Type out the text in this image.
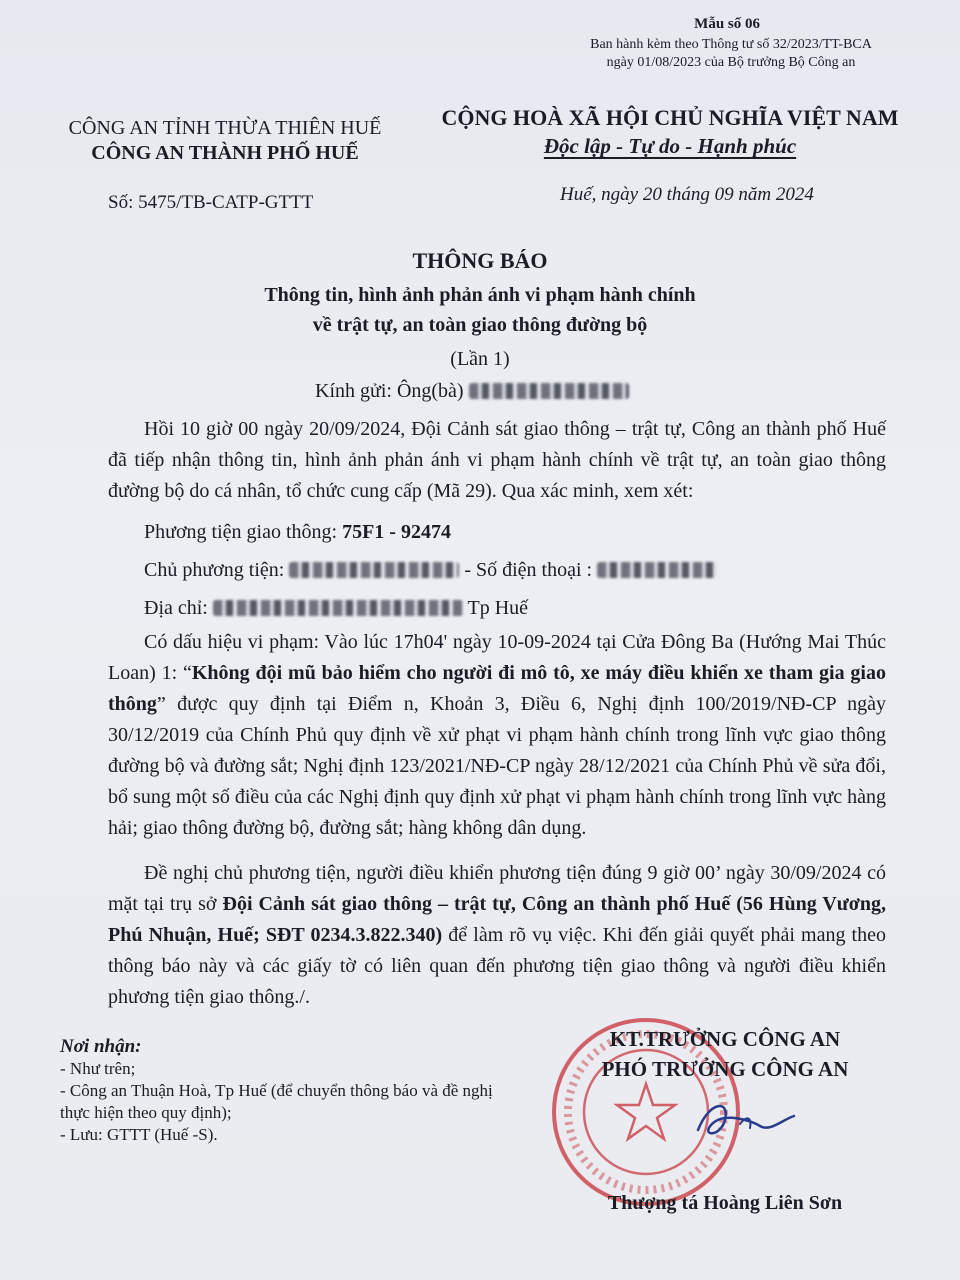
Mẫu số 06
Ban hành kèm theo Thông tư số 32/2023/TT-BCA
ngày 01/08/2023 của Bộ trưởng Bộ Công an
CÔNG AN TỈNH THỪA THIÊN HUẾ
CÔNG AN THÀNH PHỐ HUẾ
CỘNG HOÀ XÃ HỘI CHỦ NGHĨA VIỆT NAM
Độc lập - Tự do - Hạnh phúc
Số: 5475/TB-CATP-GTTT	Huế, ngày 20 tháng 09 năm 2024
THÔNG BÁO
Thông tin, hình ảnh phản ánh vi phạm hành chính
về trật tự, an toàn giao thông đường bộ
(Lần 1)
Kính gửi: Ông(bà)

Hồi 10 giờ 00 ngày 20/09/2024, Đội Cảnh sát giao thông – trật tự, Công an thành phố Huế đã tiếp nhận thông tin, hình ảnh phản ánh vi phạm hành chính về trật tự, an toàn giao thông đường bộ do cá nhân, tổ chức cung cấp (Mã 29). Qua xác minh, xem xét:

Phương tiện giao thông: 75F1 - 92474

Chủ phương tiện:	- Số điện thoại :

Địa chỉ:	Tp Huế

Có dấu hiệu vi phạm: Vào lúc 17h04' ngày 10-09-2024 tại Cửa Đông Ba (Hướng Mai Thúc Loan) 1: “Không đội mũ bảo hiểm cho người đi mô tô, xe máy điều khiển xe tham gia giao thông” được quy định tại Điểm n, Khoản 3, Điều 6, Nghị định 100/2019/NĐ-CP ngày 30/12/2019 của Chính Phủ quy định về xử phạt vi phạm hành chính trong lĩnh vực giao thông đường bộ và đường sắt; Nghị định 123/2021/NĐ-CP ngày 28/12/2021 của Chính Phủ về sửa đổi, bổ sung một số điều của các Nghị định quy định xử phạt vi phạm hành chính trong lĩnh vực hàng hải; giao thông đường bộ, đường sắt; hàng không dân dụng.

Đề nghị chủ phương tiện, người điều khiển phương tiện đúng 9 giờ 00’ ngày 30/09/2024 có mặt tại trụ sở Đội Cảnh sát giao thông – trật tự, Công an thành phố Huế (56 Hùng Vương, Phú Nhuận, Huế; SĐT 0234.3.822.340) để làm rõ vụ việc. Khi đến giải quyết phải mang theo thông báo này và các giấy tờ có liên quan đến phương tiện giao thông và người điều khiển phương tiện giao thông./.

Nơi nhận:
- Như trên;
- Công an Thuận Hoà, Tp Huế (để chuyển thông báo và đề nghị thực hiện theo quy định);
- Lưu: GTTT (Huế -S).
KT.TRƯỞNG CÔNG AN
PHÓ TRƯỞNG CÔNG AN
Thượng tá Hoàng Liên Sơn
